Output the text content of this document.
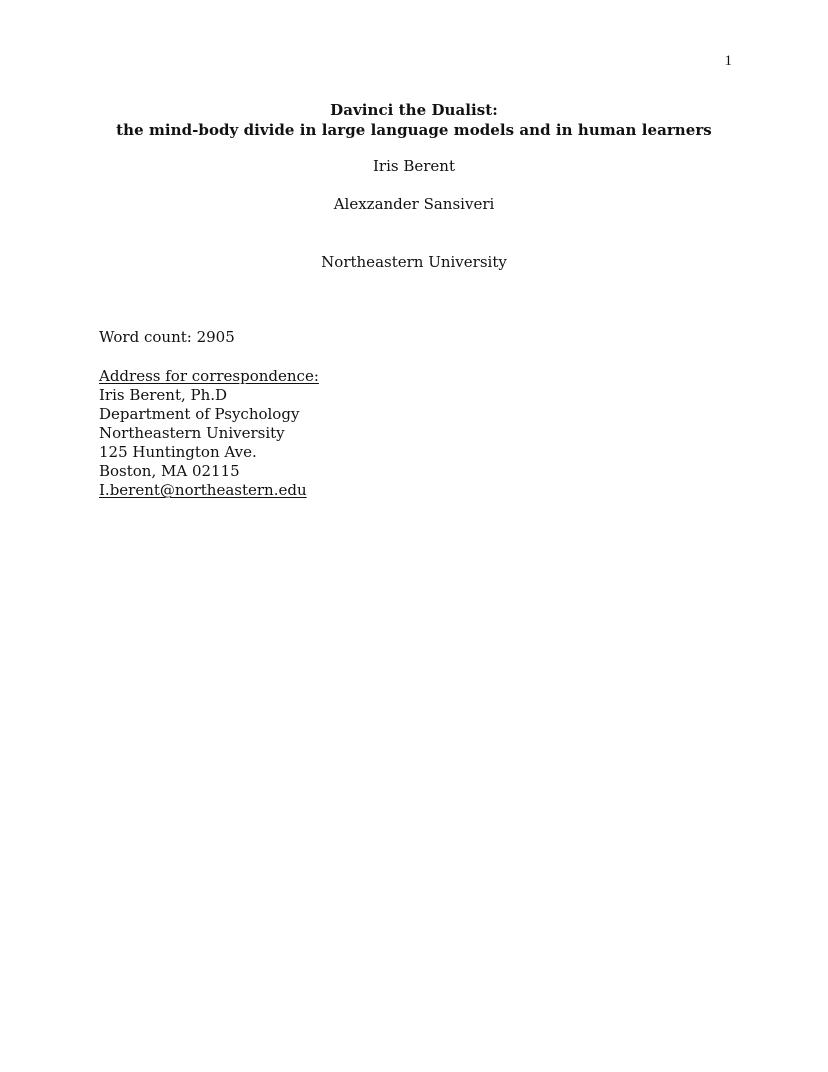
1
Davinci the Dualist:
the mind-body divide in large language models and in human learners
Iris Berent
Alexzander Sansiveri
Northeastern University
Word count: 2905
Address for correspondence:
Iris Berent, Ph.D
Department of Psychology
Northeastern University
125 Huntington Ave.
Boston, MA 02115
I.berent@northeastern.edu
